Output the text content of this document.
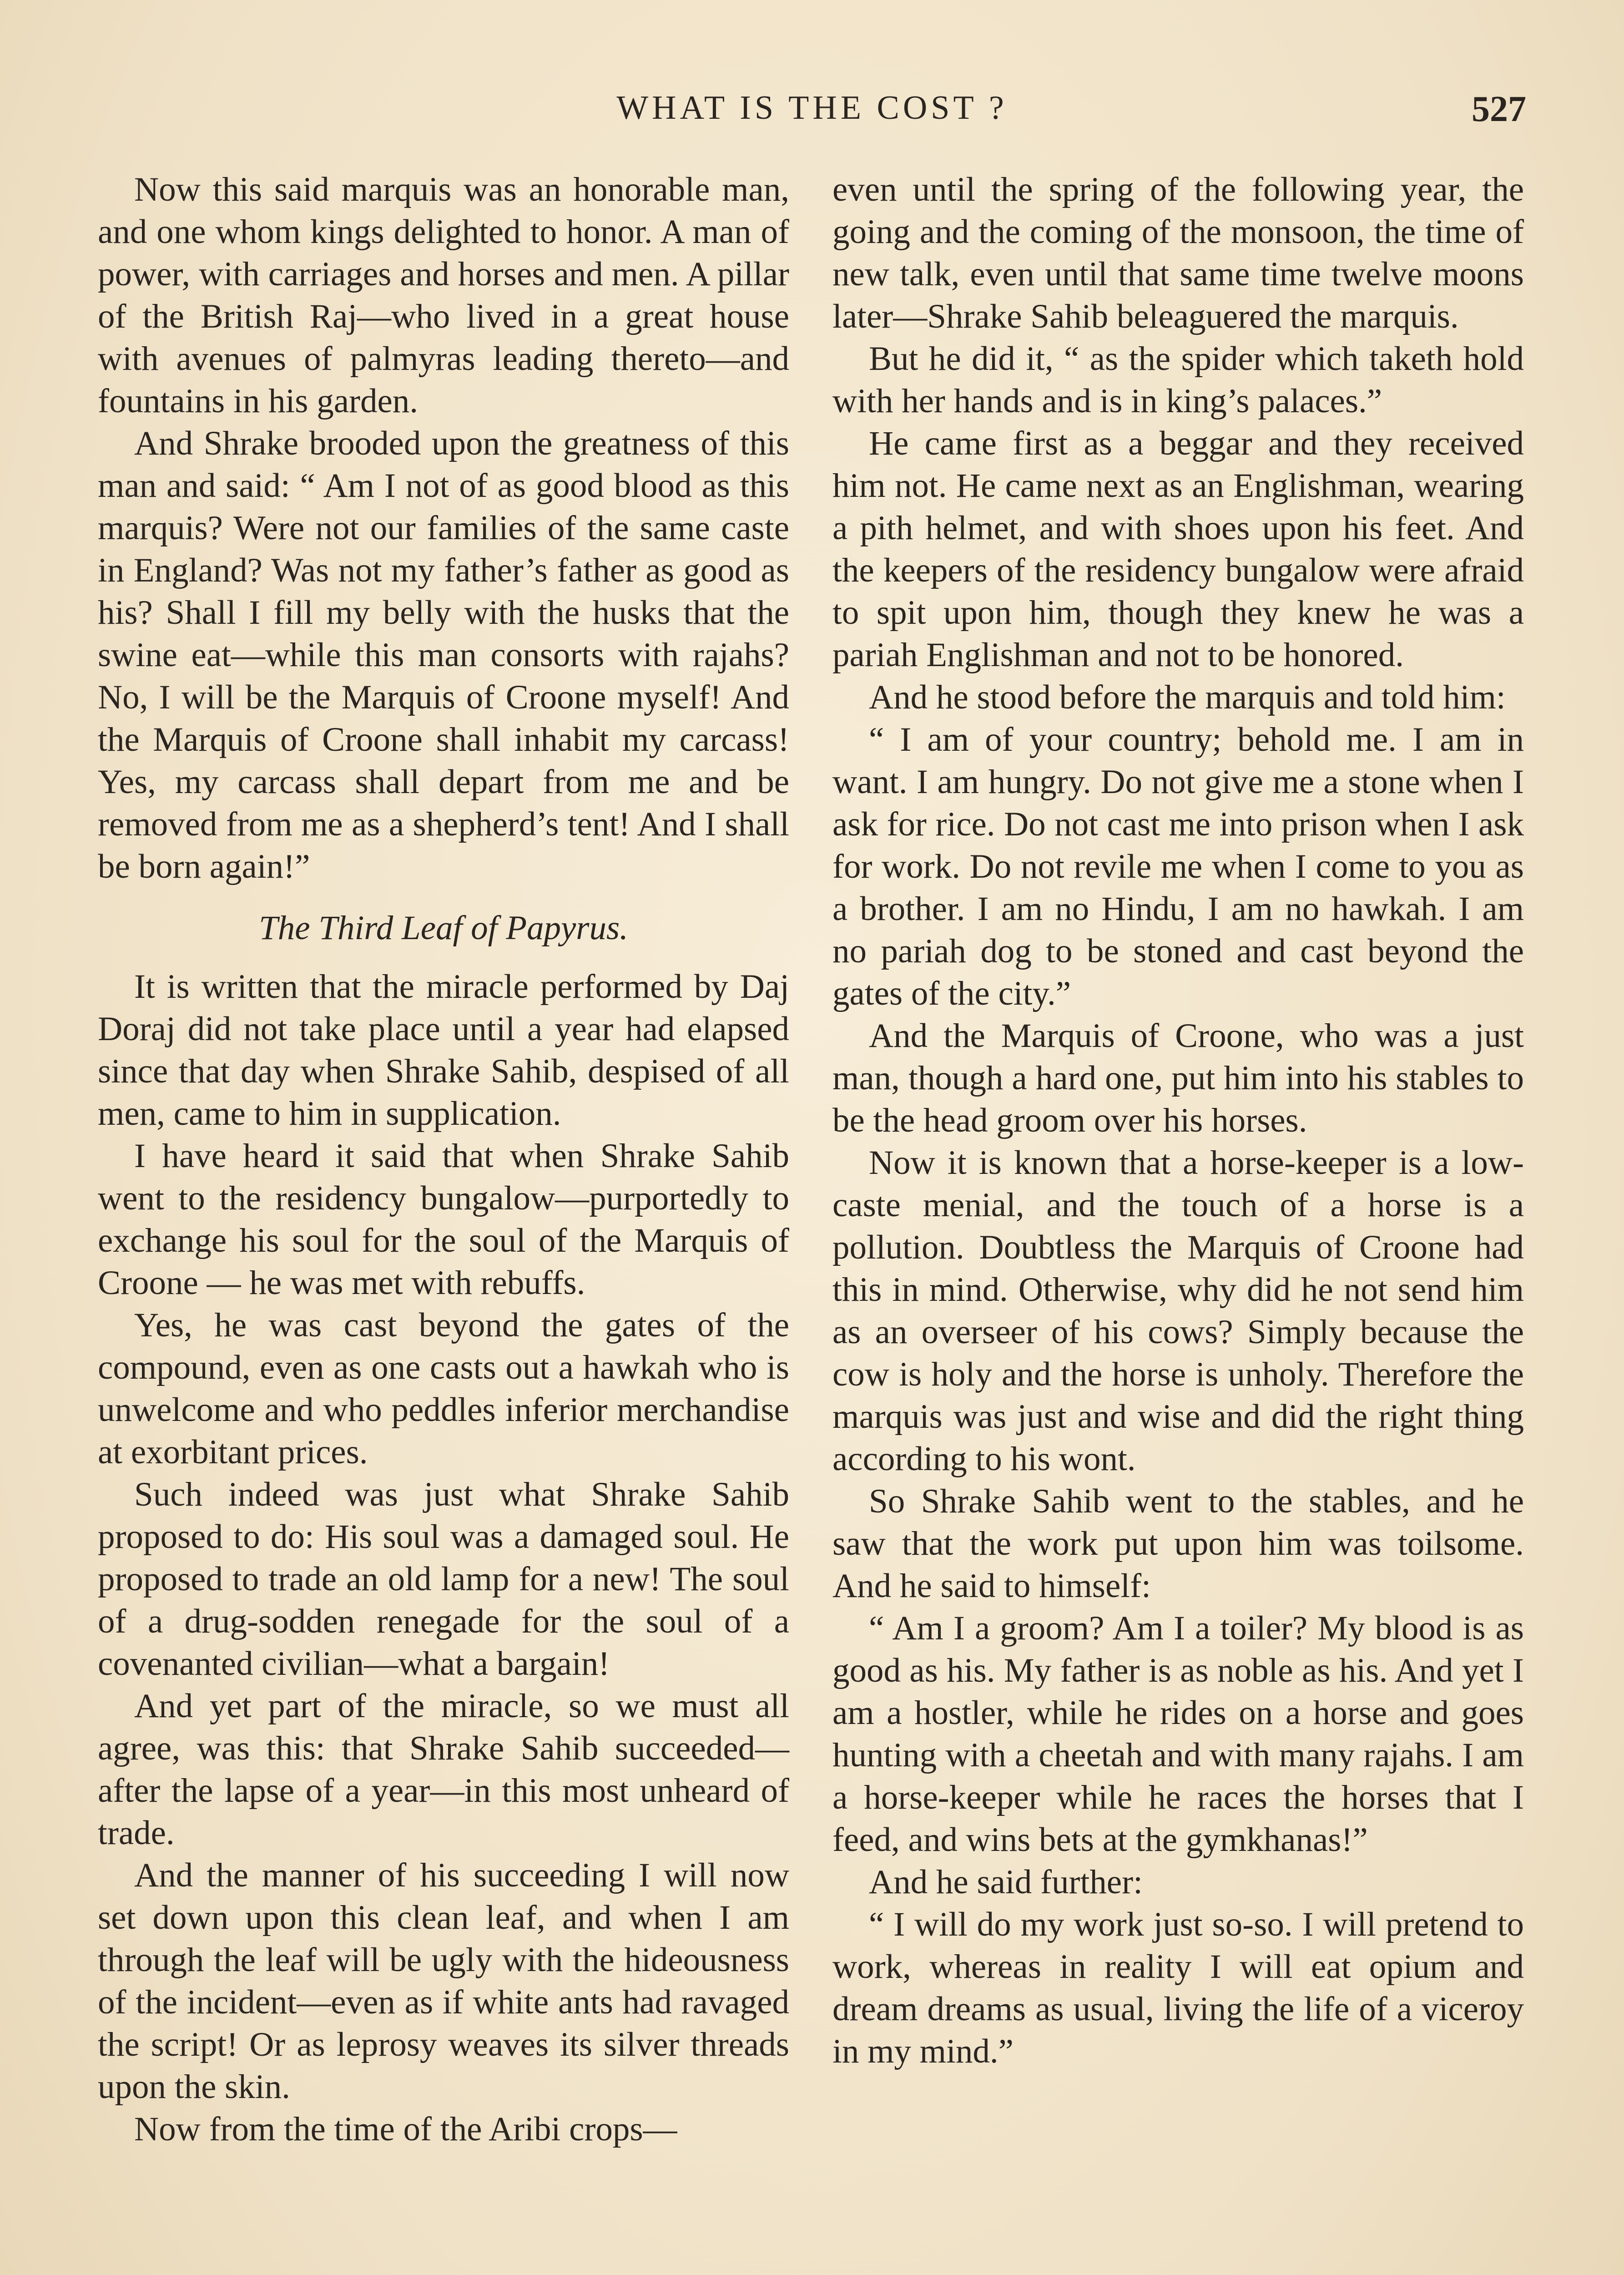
WHAT IS THE COST ?	527

Now this said marquis was an honorable man, and one whom kings delighted to honor. A man of power, with carriages and horses and men. A pillar of the British Raj—who lived in a great house with avenues of palmyras leading thereto—and fountains in his garden.

And Shrake brooded upon the greatness of this man and said: “ Am I not of as good blood as this marquis? Were not our families of the same caste in England? Was not my father’s father as good as his? Shall I fill my belly with the husks that the swine eat—while this man consorts with rajahs? No, I will be the Marquis of Croone myself! And the Marquis of Croone shall inhabit my carcass! Yes, my carcass shall depart from me and be removed from me as a shepherd’s tent! And I shall be born again!”

The Third Leaf of Papyrus.

It is written that the miracle performed by Daj Doraj did not take place until a year had elapsed since that day when Shrake Sahib, despised of all men, came to him in supplication.

I have heard it said that when Shrake Sahib went to the residency bungalow—purportedly to exchange his soul for the soul of the Marquis of Croone — he was met with rebuffs.

Yes, he was cast beyond the gates of the compound, even as one casts out a hawkah who is unwelcome and who peddles inferior merchandise at exorbitant prices.

Such indeed was just what Shrake Sahib proposed to do: His soul was a damaged soul. He proposed to trade an old lamp for a new! The soul of a drug-sodden renegade for the soul of a covenanted civilian—what a bargain!

And yet part of the miracle, so we must all agree, was this: that Shrake Sahib succeeded—after the lapse of a year—in this most unheard of trade.

And the manner of his succeeding I will now set down upon this clean leaf, and when I am through the leaf will be ugly with the hideousness of the incident—even as if white ants had ravaged the script! Or as leprosy weaves its silver threads upon the skin.

Now from the time of the Aribi crops—

even until the spring of the following year, the going and the coming of the monsoon, the time of new talk, even until that same time twelve moons later—Shrake Sahib beleaguered the marquis.

But he did it, “ as the spider which taketh hold with her hands and is in king’s palaces.”

He came first as a beggar and they received him not. He came next as an Englishman, wearing a pith helmet, and with shoes upon his feet. And the keepers of the residency bungalow were afraid to spit upon him, though they knew he was a pariah Englishman and not to be honored.

And he stood before the marquis and told him:

“ I am of your country; behold me. I am in want. I am hungry. Do not give me a stone when I ask for rice. Do not cast me into prison when I ask for work. Do not revile me when I come to you as a brother. I am no Hindu, I am no hawkah. I am no pariah dog to be stoned and cast beyond the gates of the city.”

And the Marquis of Croone, who was a just man, though a hard one, put him into his stables to be the head groom over his horses.

Now it is known that a horse-keeper is a low-caste menial, and the touch of a horse is a pollution. Doubtless the Marquis of Croone had this in mind. Otherwise, why did he not send him as an overseer of his cows? Simply because the cow is holy and the horse is unholy. Therefore the marquis was just and wise and did the right thing according to his wont.

So Shrake Sahib went to the stables, and he saw that the work put upon him was toilsome. And he said to himself:

“ Am I a groom? Am I a toiler? My blood is as good as his. My father is as noble as his. And yet I am a hostler, while he rides on a horse and goes hunting with a cheetah and with many rajahs. I am a horse-keeper while he races the horses that I feed, and wins bets at the gymkhanas!”

And he said further:

“ I will do my work just so-so. I will pretend to work, whereas in reality I will eat opium and dream dreams as usual, living the life of a viceroy in my mind.”
